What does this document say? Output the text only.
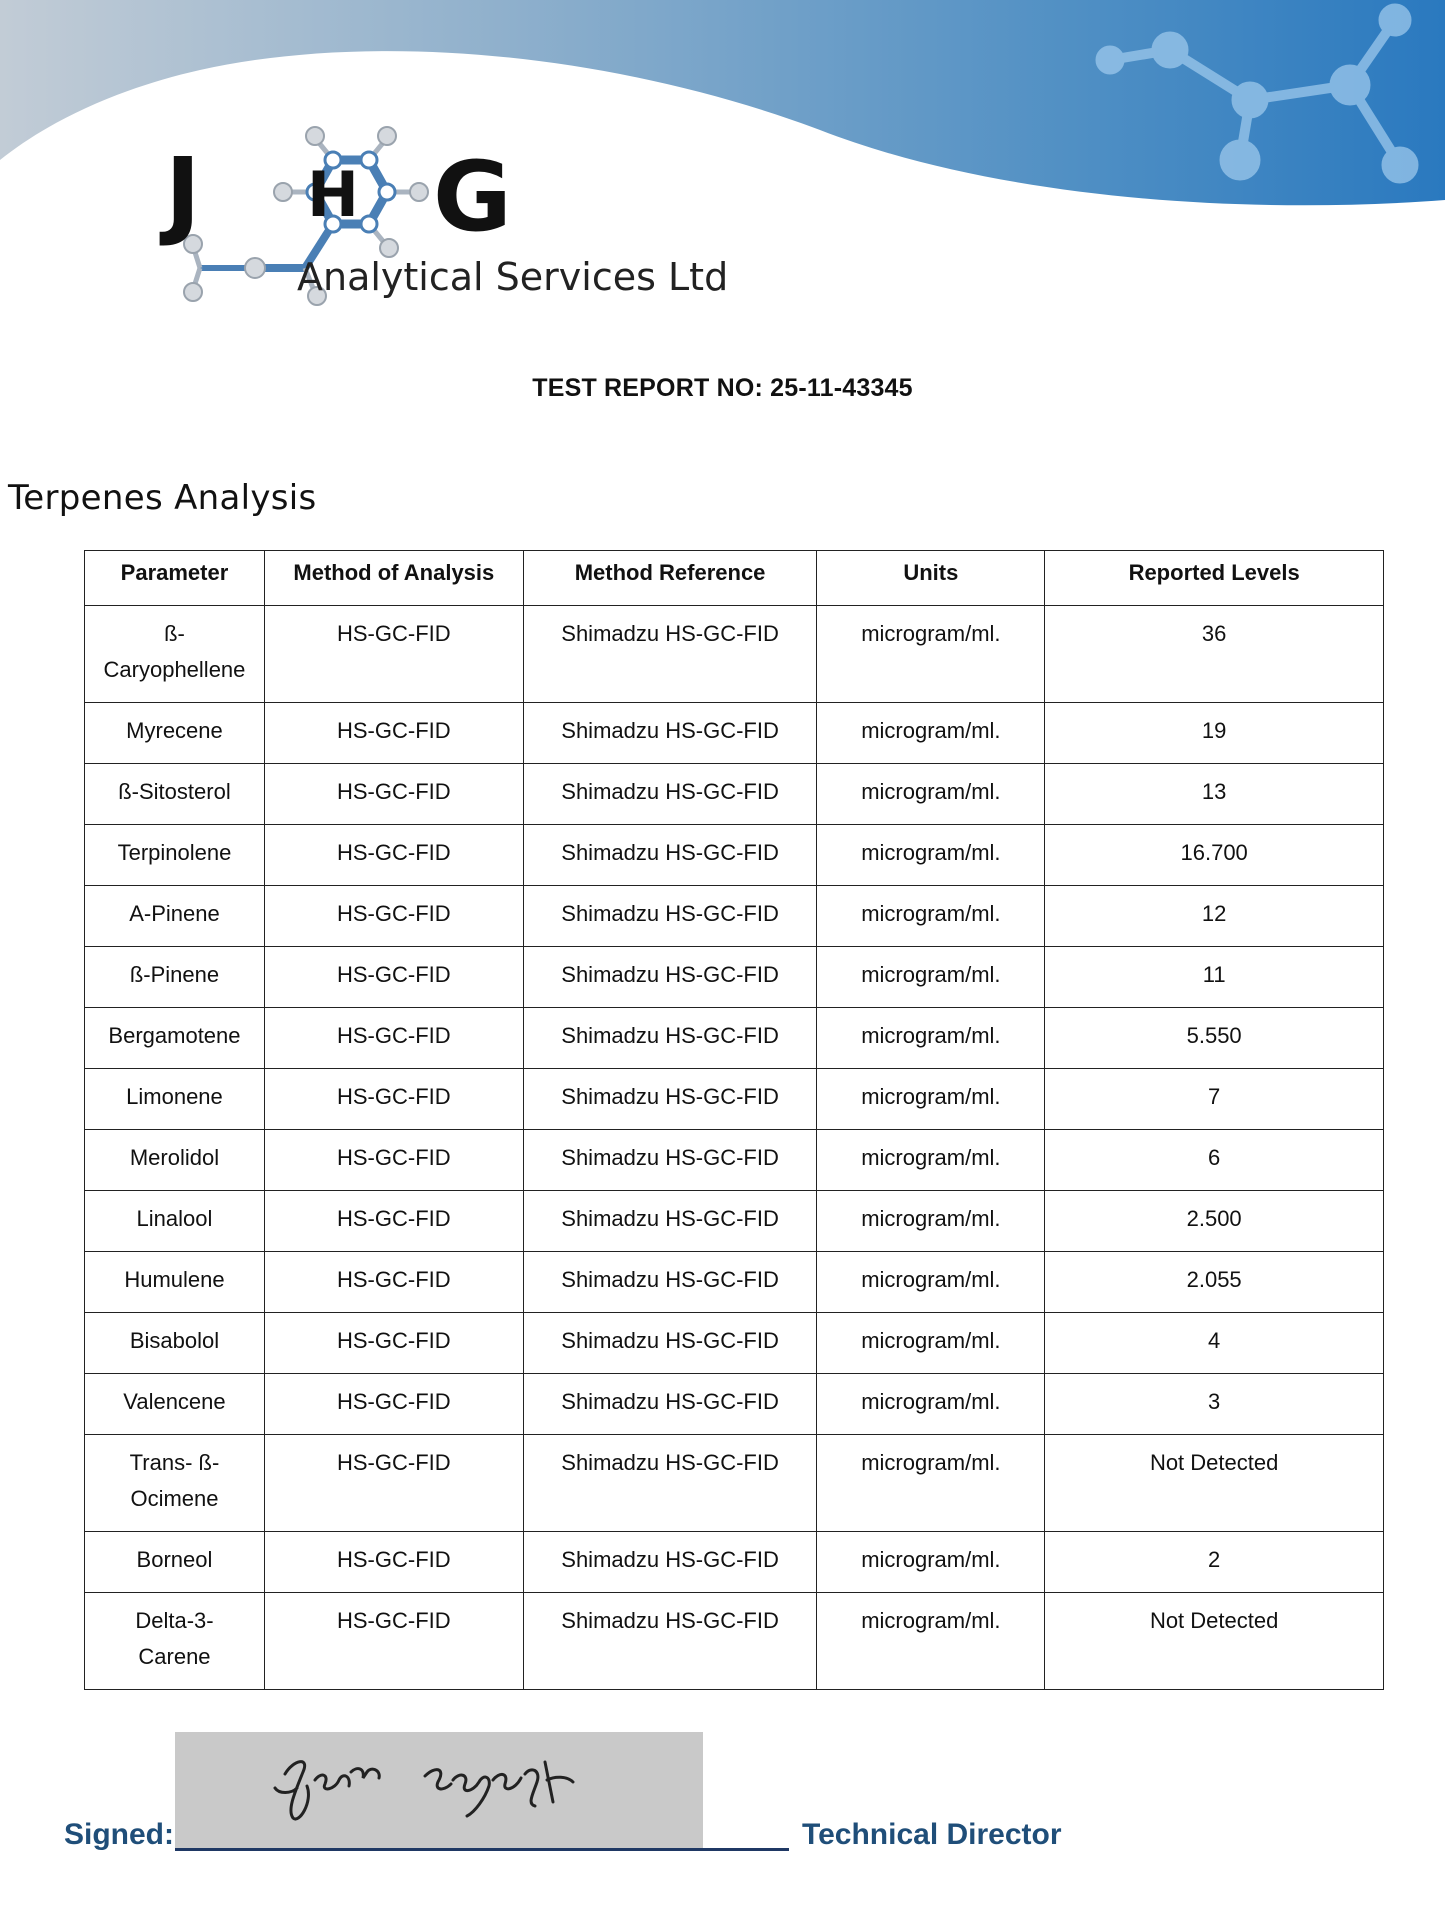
J H G
Analytical Services Ltd
TEST REPORT NO: 25-11-43345
Terpenes Analysis
Parameter	Method of Analysis	Method Reference	Units	Reported Levels
ß-
Caryophellene	HS-GC-FID	Shimadzu HS-GC-FID	microgram/ml.	36
Myrecene	HS-GC-FID	Shimadzu HS-GC-FID	microgram/ml.	19
ß-Sitosterol	HS-GC-FID	Shimadzu HS-GC-FID	microgram/ml.	13
Terpinolene	HS-GC-FID	Shimadzu HS-GC-FID	microgram/ml.	16.700
A-Pinene	HS-GC-FID	Shimadzu HS-GC-FID	microgram/ml.	12
ß-Pinene	HS-GC-FID	Shimadzu HS-GC-FID	microgram/ml.	11
Bergamotene	HS-GC-FID	Shimadzu HS-GC-FID	microgram/ml.	5.550
Limonene	HS-GC-FID	Shimadzu HS-GC-FID	microgram/ml.	7
Merolidol	HS-GC-FID	Shimadzu HS-GC-FID	microgram/ml.	6
Linalool	HS-GC-FID	Shimadzu HS-GC-FID	microgram/ml.	2.500
Humulene	HS-GC-FID	Shimadzu HS-GC-FID	microgram/ml.	2.055
Bisabolol	HS-GC-FID	Shimadzu HS-GC-FID	microgram/ml.	4
Valencene	HS-GC-FID	Shimadzu HS-GC-FID	microgram/ml.	3
Trans- ß-
Ocimene	HS-GC-FID	Shimadzu HS-GC-FID	microgram/ml.	Not Detected
Borneol	HS-GC-FID	Shimadzu HS-GC-FID	microgram/ml.	2
Delta-3-
Carene	HS-GC-FID	Shimadzu HS-GC-FID	microgram/ml.	Not Detected
Signed:	Technical Director
